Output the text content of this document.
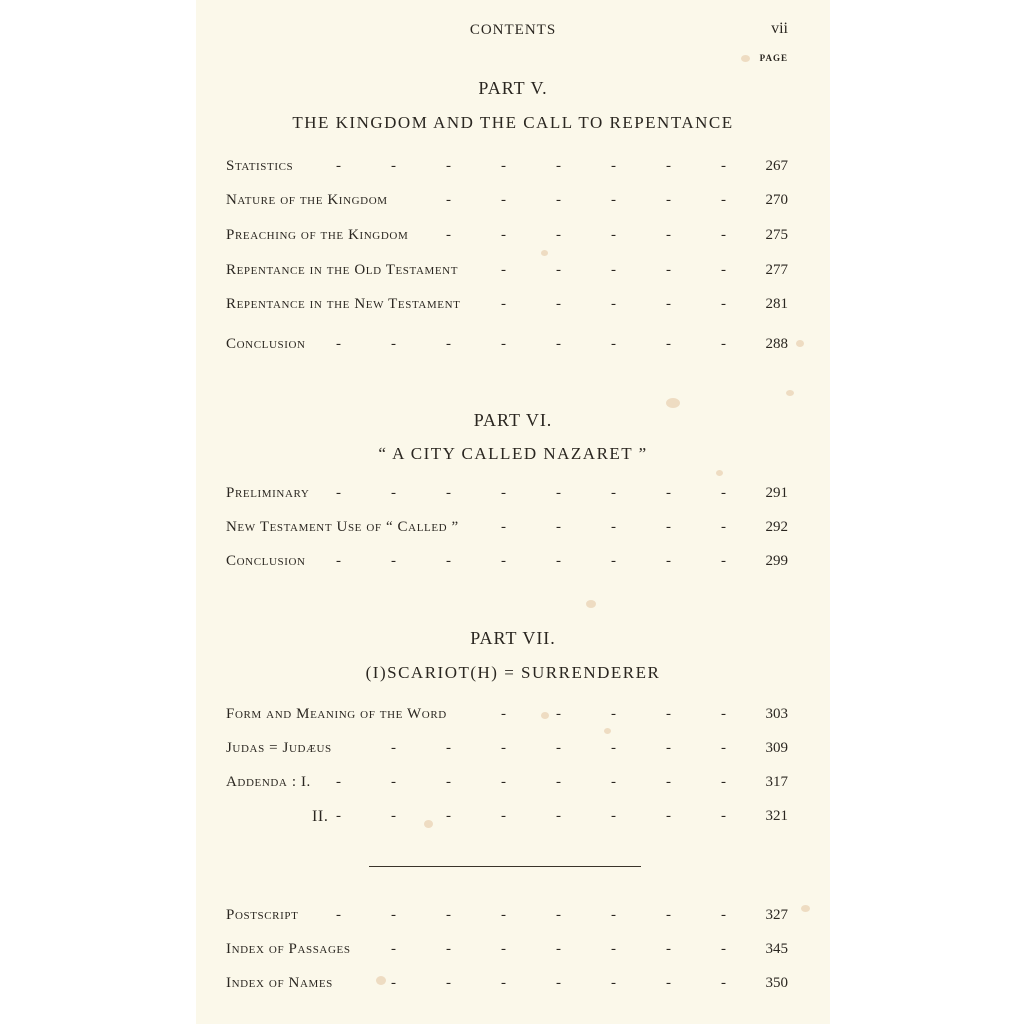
CONTENTS	vii
PAGE
PART V.
THE KINGDOM AND THE CALL TO REPENTANCE
Statistics	267
-	-	-	-	-	-	-	-
Nature of the Kingdom	270
-	-	-	-	-	-
Preaching of the Kingdom	275
-	-	-	-	-	-
Repentance in the Old Testament	277
-	-	-	-	-
Repentance in the New Testament	281
-	-	-	-	-
Conclusion	288
-	-	-	-	-	-	-	-
PART VI.
“ A CITY CALLED NAZARET ”
Preliminary	291
-	-	-	-	-	-	-	-
New Testament Use of “ Called ”	292
-	-	-	-	-
Conclusion	299
-	-	-	-	-	-	-	-
PART VII.
(I)SCARIOT(H) = SURRENDERER
Form and Meaning of the Word	303
-	-	-	-	-
Judas = Judæus	309
-	-	-	-	-	-	-
Addenda : I.	317
-	-	-	-	-	-	-	-
II.	321
-	-	-	-	-	-	-	-
Postscript	327
-	-	-	-	-	-	-	-
Index of Passages	345
-	-	-	-	-	-	-
Index of Names	350
-	-	-	-	-	-	-
